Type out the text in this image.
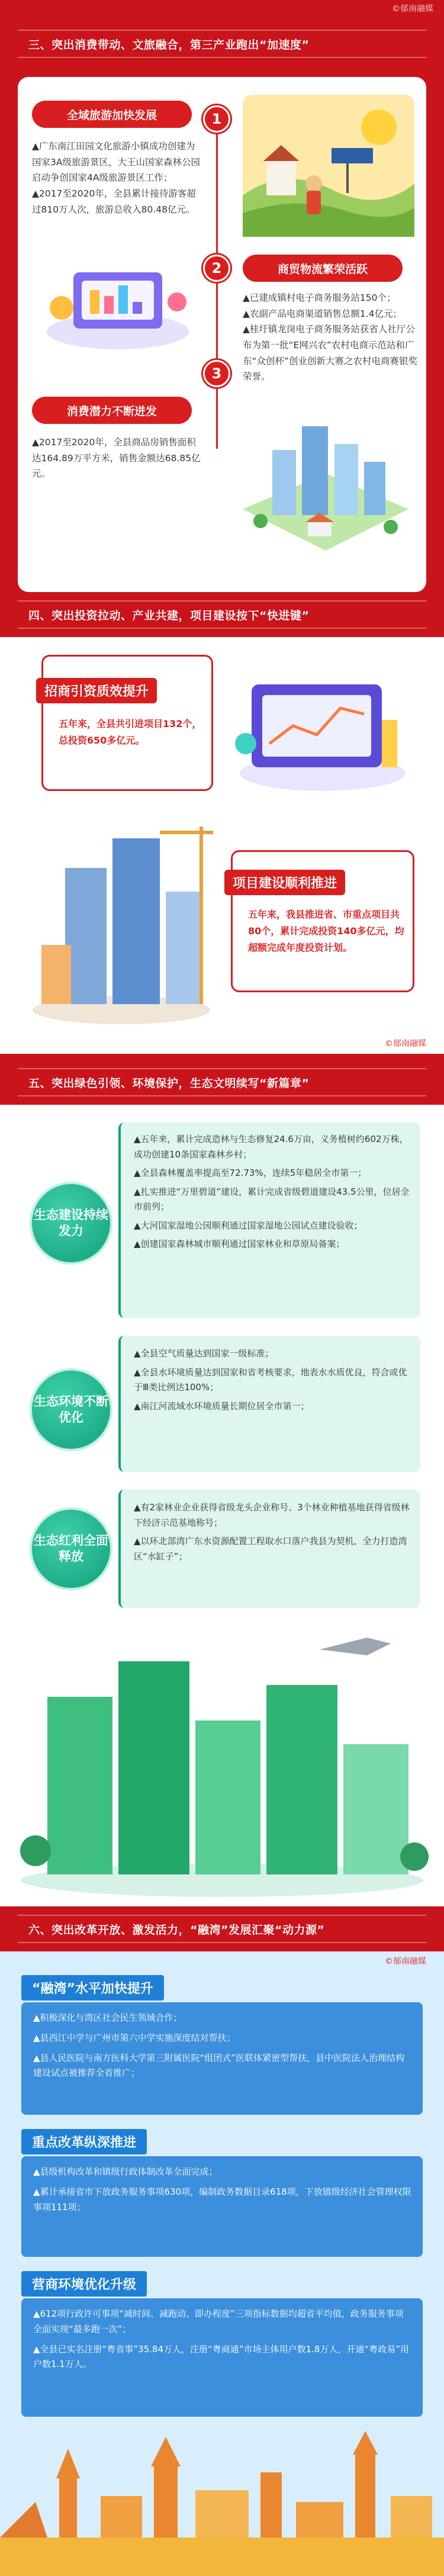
©郁南融媒
三、突出消费带动、文旅融合，第三产业跑出“加速度”
1
2
3
全域旅游加快发展

▲广东南江田园文化旅游小镇成功创建为国家3A级旅游景区，大王山国家森林公园启动争创国家4A级旅游景区工作；

▲2017至2020年，全县累计接待游客超过810万人次，旅游总收入80.48亿元。

商贸物流繁荣活跃

▲已建成镇村电子商务服务站150个；

▲农副产品电商渠道销售总额1.4亿元；

▲桂圩镇龙岗电子商务服务站获省人社厅公布为第一批“E网兴农”农村电商示范站和广东“众创杯”创业创新大赛之农村电商赛银奖荣誉。

消费潜力不断迸发

▲2017至2020年，全县商品房销售面积达164.89万平方米，销售金额达68.85亿元。

四、突出投资拉动、产业共建，项目建设按下“快进键”
招商引资质效提升
五年来，全县共引进项目132个，总投资650多亿元。
项目建设顺利推进
五年来，我县推进省、市重点项目共80个，累计完成投资140多亿元，均超额完成年度投资计划。
©郁南融媒
五、突出绿色引领、环境保护，生态文明续写“新篇章”
生态建设持续发力

▲五年来，累计完成造林与生态修复24.6万亩，义务植树约602万株，成功创建10条国家森林乡村；

▲全县森林覆盖率提高至72.73%，连续5年稳居全市第一；

▲扎实推进“万里碧道”建设，累计完成省级碧道建设43.5公里，位居全市前列；

▲大河国家湿地公园顺利通过国家湿地公园试点建设验收；

▲创建国家森林城市顺利通过国家林业和草原局备案；

生态环境不断优化

▲全县空气质量达到国家一级标准；

▲全县水环境质量达到国家和省考核要求，地表水水质优良，符合或优于Ⅲ类比例达100%；

▲南江河流域水环境质量长期位居全市第一；

生态红利全面释放

▲有2家林业企业获得省级龙头企业称号、3个林业种植基地获得省级林下经济示范基地称号；

▲以环北部湾广东水资源配置工程取水口落户我县为契机，全力打造湾区“水缸子”；

六、突出改革开放、激发活力，“融湾”发展汇聚“动力源”
©郁南融媒
“融湾”水平加快提升

▲积极深化与湾区社会民生领域合作；

▲县西江中学与广州市第六中学实施深度结对帮扶；

▲县人民医院与南方医科大学第三附属医院“组团式”医联体紧密型帮扶，县中医院法人治理结构建设试点被推荐全省推广；

重点改革纵深推进

▲县级机构改革和镇级行政体制改革全面完成；

▲累计承接省市下放政务服务事项630项，编制政务数据目录618项，下放镇级经济社会管理权限事项111项；

营商环境优化升级

▲612项行政许可事项“减时间、减跑动、即办程度”三项指标数据均超省平均值，政务服务事项全面实现“最多跑一次”；

▲全县已实名注册“粤省事”35.84万人，注册“粤商通”市场主体用户数1.8万人，开通“粤政易”用户数1.1万人。
